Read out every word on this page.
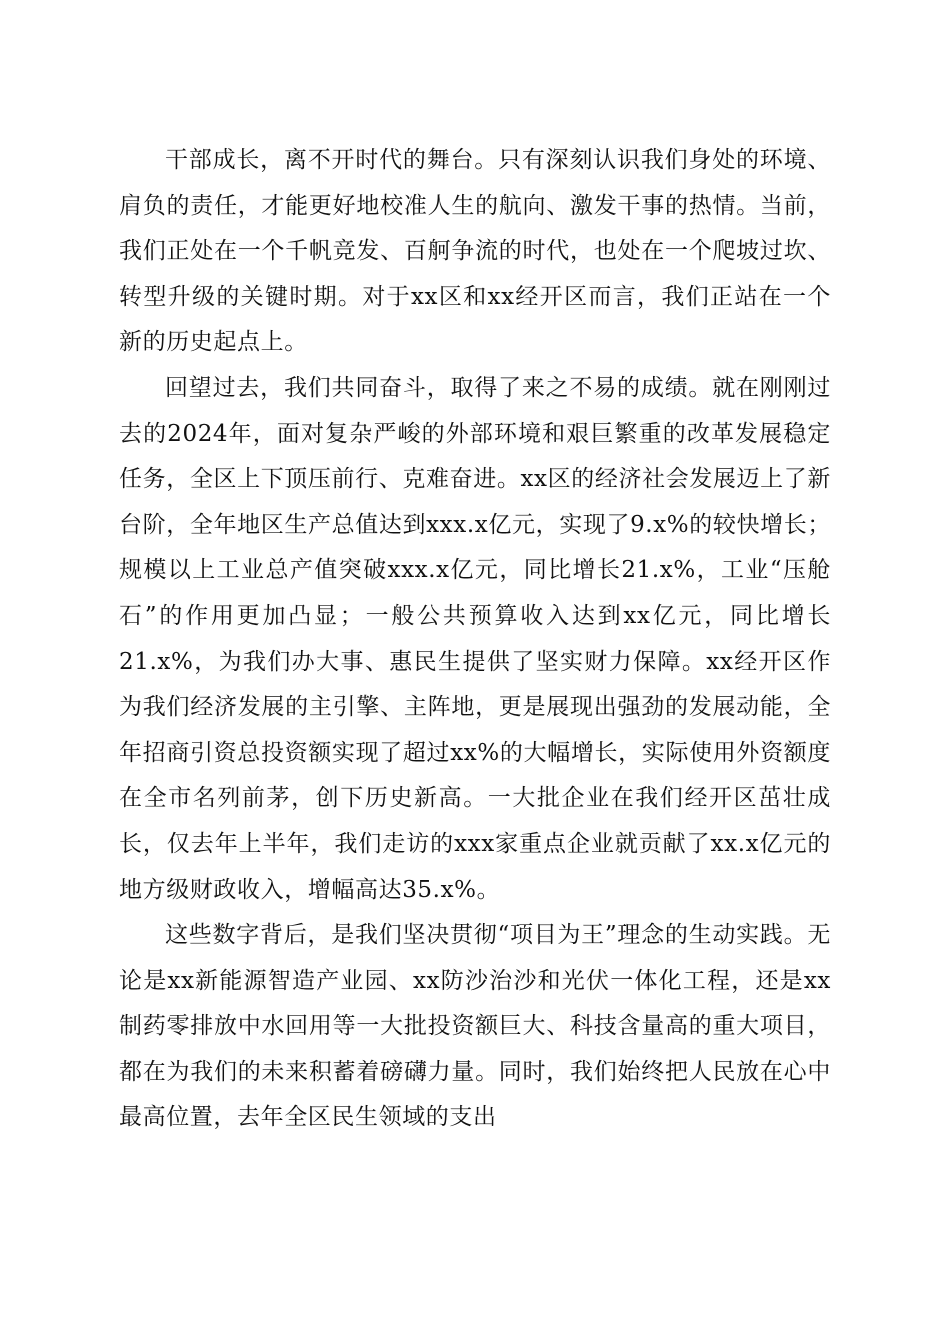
干部成长，离不开时代的舞台。只有深刻认识我们身处的环境、肩负的责任，才能更好地校准人生的航向、激发干事的热情。当前，我们正处在一个千帆竞发、百舸争流的时代，也处在一个爬坡过坎、转型升级的关键时期。对于xx区和xx经开区而言，我们正站在一个新的历史起点上。

回望过去，我们共同奋斗，取得了来之不易的成绩。就在刚刚过去的2024年，面对复杂严峻的外部环境和艰巨繁重的改革发展稳定任务，全区上下顶压前行、克难奋进。xx区的经济社会发展迈上了新台阶，全年地区生产总值达到xxx.x亿元，实现了9.x%的较快增长；规模以上工业总产值突破xxx.x亿元，同比增长21.x%，工业“压舱石”的作用更加凸显；一般公共预算收入达到xx亿元，同比增长21.x%，为我们办大事、惠民生提供了坚实财力保障。xx经开区作为我们经济发展的主引擎、主阵地，更是展现出强劲的发展动能，全年招商引资总投资额实现了超过xx%的大幅增长，实际使用外资额度在全市名列前茅，创下历史新高。一大批企业在我们经开区茁壮成长，仅去年上半年，我们走访的xxx家重点企业就贡献了xx.x亿元的地方级财政收入，增幅高达35.x%。

这些数字背后，是我们坚决贯彻“项目为王”理念的生动实践。无论是xx新能源智造产业园、xx防沙治沙和光伏一体化工程，还是xx制药零排放中水回用等一大批投资额巨大、科技含量高的重大项目，都在为我们的未来积蓄着磅礴力量。同时，我们始终把人民放在心中最高位置，去年全区民生领域的支出
